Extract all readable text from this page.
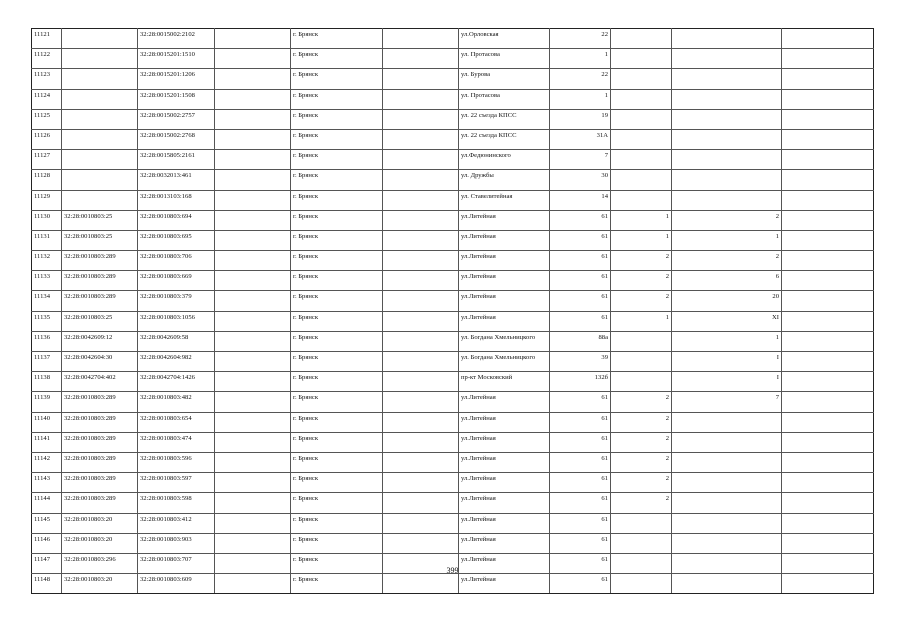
11121		32:28:0015002:2102		г. Брянск		ул.Орловская	22			
11122		32:28:0015201:1510		г. Брянск		ул. Протасова	1			
11123		32:28:0015201:1206		г. Брянск		ул. Бурова	22			
11124		32:28:0015201:1508		г. Брянск		ул. Протасова	1			
11125		32:28:0015002:2757		г. Брянск		ул. 22 съезда КПСС	19			
11126		32:28:0015002:2768		г. Брянск		ул. 22 съезда КПСС	31А			
11127		32:28:0015805:2161		г. Брянск		ул.Федюнинского	7			
11128		32:28:0032013:461		г. Брянск		ул. Дружбы	30			
11129		32:28:0013103:168		г. Брянск		ул. Ставелитейная	14			
11130	32:28:0010803:25	32:28:0010803:694		г. Брянск		ул.Литейная	61	1	2	
11131	32:28:0010803:25	32:28:0010803:695		г. Брянск		ул.Литейная	61	1	1	
11132	32:28:0010803:289	32:28:0010803:706		г. Брянск		ул.Литейная	61	2	2	
11133	32:28:0010803:289	32:28:0010803:669		г. Брянск		ул.Литейная	61	2	6	
11134	32:28:0010803:289	32:28:0010803:379		г. Брянск		ул.Литейная	61	2	20	
11135	32:28:0010803:25	32:28:0010803:1056		г. Брянск		ул.Литейная	61	1	XI	
11136	32:28:0042609:12	32:28:0042609:58		г. Брянск		ул. Богдана Хмельницкого	88а		1	
11137	32:28:0042604:30	32:28:0042604:982		г. Брянск		ул. Богдана Хмельницкого	39		I	
11138	32:28:0042704:402	32:28:0042704:1426		г. Брянск		пр-кт Московский	132б		I	
11139	32:28:0010803:289	32:28:0010803:482		г. Брянск		ул.Литейная	61	2	7	
11140	32:28:0010803:289	32:28:0010803:654		г. Брянск		ул.Литейная	61	2		
11141	32:28:0010803:289	32:28:0010803:474		г. Брянск		ул.Литейная	61	2		
11142	32:28:0010803:289	32:28:0010803:596		г. Брянск		ул.Литейная	61	2		
11143	32:28:0010803:289	32:28:0010803:597		г. Брянск		ул.Литейная	61	2		
11144	32:28:0010803:289	32:28:0010803:598		г. Брянск		ул.Литейная	61	2		
11145	32:28:0010803:20	32:28:0010803:412		г. Брянск		ул.Литейная	61			
11146	32:28:0010803:20	32:28:0010803:903		г. Брянск		ул.Литейная	61			
11147	32:28:0010803:296	32:28:0010803:707		г. Брянск		ул.Литейная	61			
11148	32:28:0010803:20	32:28:0010803:609		г. Брянск		ул.Литейная	61			
399
